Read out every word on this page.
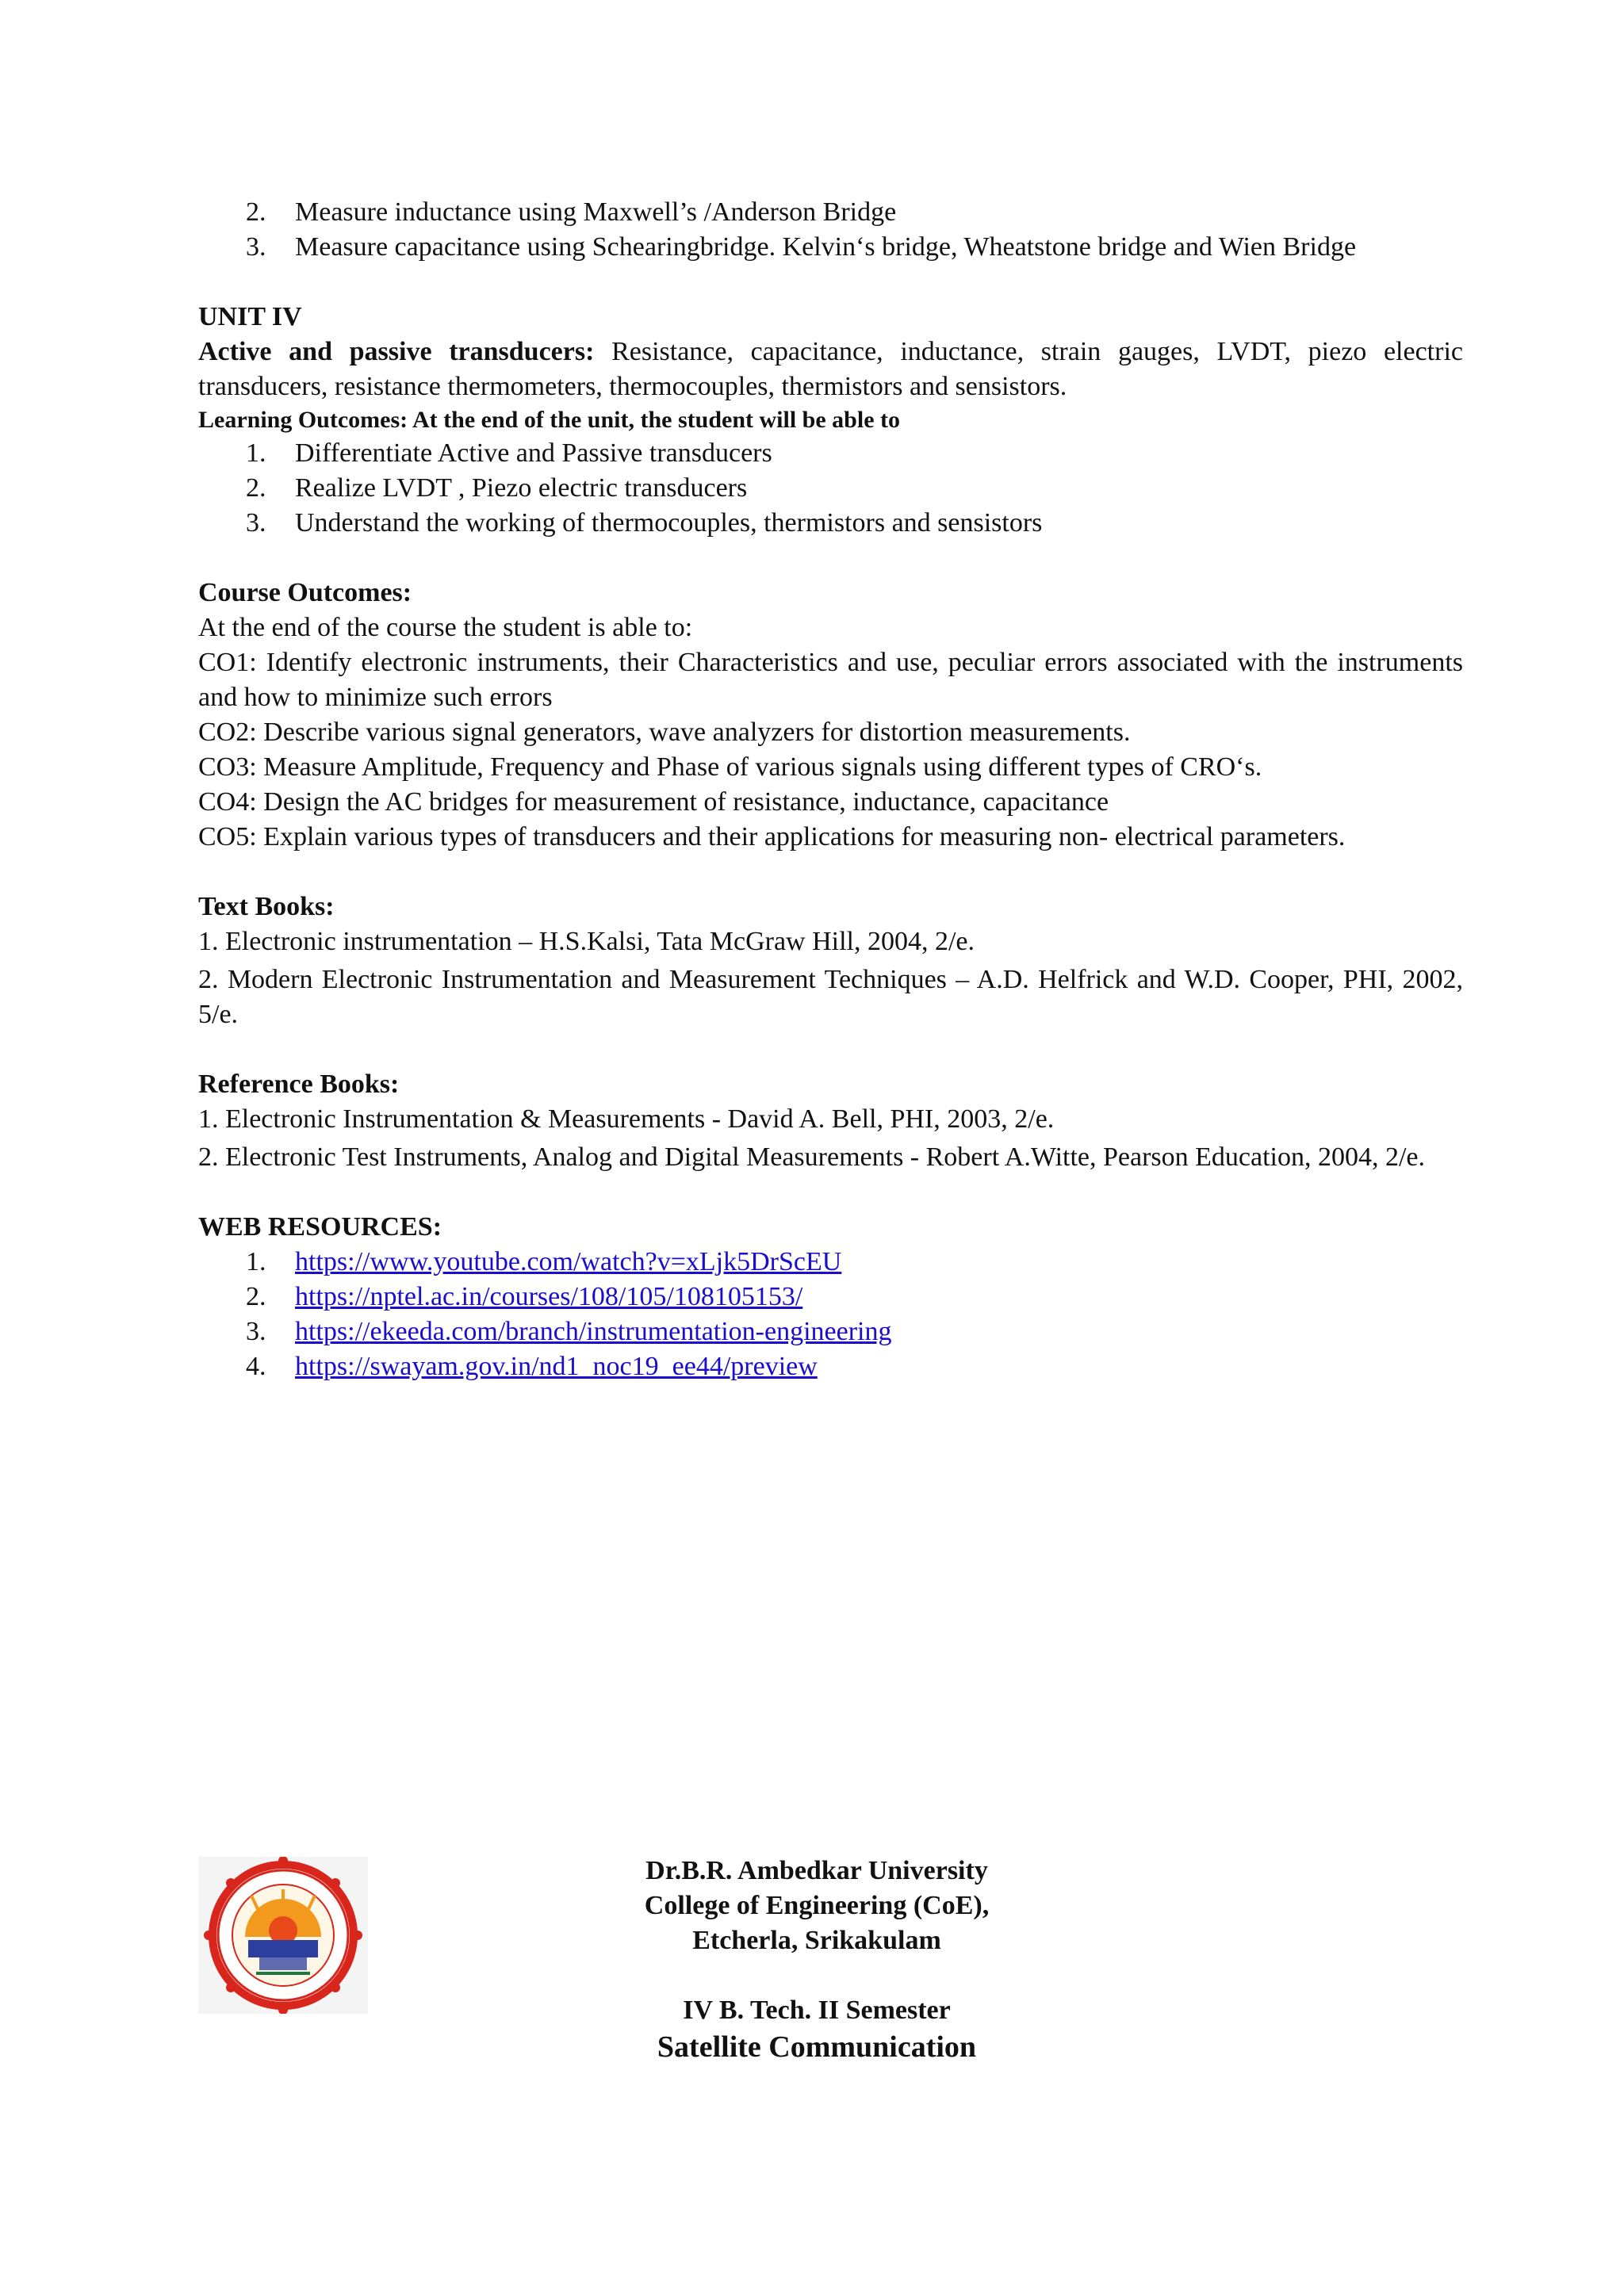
2. Measure inductance using Maxwell’s /Anderson Bridge
3. Measure capacitance using Schearingbridge. Kelvin‘s bridge, Wheatstone bridge and Wien Bridge
UNIT IV
Active and passive transducers: Resistance, capacitance, inductance, strain gauges, LVDT, piezo electric transducers, resistance thermometers, thermocouples, thermistors and sensistors.
Learning Outcomes: At the end of the unit, the student will be able to
1. Differentiate Active and Passive transducers
2. Realize LVDT , Piezo electric transducers
3. Understand the working of thermocouples, thermistors and sensistors
Course Outcomes:
At the end of the course the student is able to:
CO1: Identify electronic instruments, their Characteristics and use, peculiar errors associated with the instruments and how to minimize such errors
CO2: Describe various signal generators, wave analyzers for distortion measurements.
CO3: Measure Amplitude, Frequency and Phase of various signals using different types of CRO‘s.
CO4: Design the AC bridges for measurement of resistance, inductance, capacitance
CO5: Explain various types of transducers and their applications for measuring non- electrical parameters.
Text Books:
1. Electronic instrumentation – H.S.Kalsi, Tata McGraw Hill, 2004, 2/e.
2. Modern Electronic Instrumentation and Measurement Techniques – A.D. Helfrick and W.D. Cooper, PHI, 2002, 5/e.
Reference Books:
1. Electronic Instrumentation & Measurements - David A. Bell, PHI, 2003, 2/e.
2. Electronic Test Instruments, Analog and Digital Measurements - Robert A.Witte, Pearson Education, 2004, 2/e.
WEB RESOURCES:
1. https://www.youtube.com/watch?v=xLjk5DrScEU
2. https://nptel.ac.in/courses/108/105/108105153/
3. https://ekeeda.com/branch/instrumentation-engineering
4. https://swayam.gov.in/nd1_noc19_ee44/preview
Dr.B.R. Ambedkar University
College of Engineering (CoE),
Etcherla, Srikakulam
IV B. Tech. II Semester
Satellite Communication
